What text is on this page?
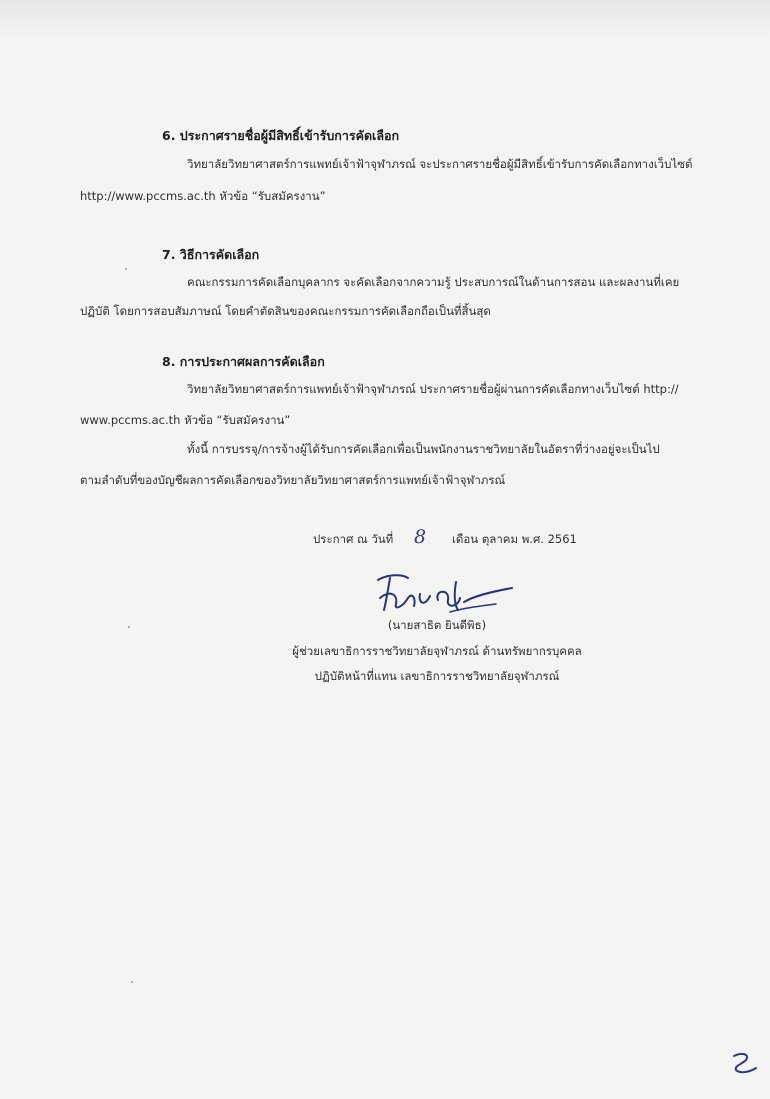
6. ประกาศรายชื่อผู้มีสิทธิ์เข้ารับการคัดเลือก
วิทยาลัยวิทยาศาสตร์การแพทย์เจ้าฟ้าจุฬาภรณ์ จะประกาศรายชื่อผู้มีสิทธิ์เข้ารับการคัดเลือกทางเว็บไซต์
http://www.pccms.ac.th หัวข้อ “รับสมัครงาน”
7. วิธีการคัดเลือก
คณะกรรมการคัดเลือกบุคลากร จะคัดเลือกจากความรู้ ประสบการณ์ในด้านการสอน และผลงานที่เคย
ปฏิบัติ โดยการสอบสัมภาษณ์ โดยคำตัดสินของคณะกรรมการคัดเลือกถือเป็นที่สิ้นสุด
8. การประกาศผลการคัดเลือก
วิทยาลัยวิทยาศาสตร์การแพทย์เจ้าฟ้าจุฬาภรณ์ ประกาศรายชื่อผู้ผ่านการคัดเลือกทางเว็บไซต์ http://
www.pccms.ac.th หัวข้อ “รับสมัครงาน”
ทั้งนี้ การบรรจุ/การจ้างผู้ได้รับการคัดเลือกเพื่อเป็นพนักงานราชวิทยาลัยในอัตราที่ว่างอยู่จะเป็นไป
ตามลำดับที่ของบัญชีผลการคัดเลือกของวิทยาลัยวิทยาศาสตร์การแพทย์เจ้าฟ้าจุฬาภรณ์
ประกาศ ณ วันที่ 8 เดือน ตุลาคม พ.ศ. 2561
(นายสาธิต ยินดีพิธ)
ผู้ช่วยเลขาธิการราชวิทยาลัยจุฬาภรณ์ ด้านทรัพยากรบุคคล
ปฏิบัติหน้าที่แทน เลขาธิการราชวิทยาลัยจุฬาภรณ์
